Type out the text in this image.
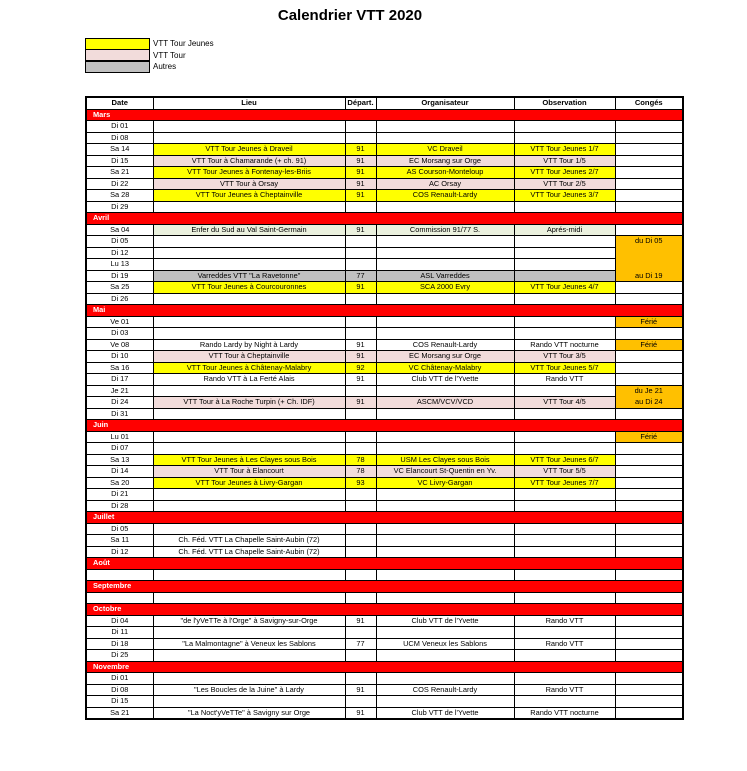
Calendrier VTT 2020
VTT Tour Jeunes
VTT Tour
Autres
Date	Lieu	Départ.	Organisateur	Observation	Congés
Mars					
Di 01					
Di 08					
Sa 14	VTT Tour Jeunes à Draveil	91	VC Draveil	VTT Tour Jeunes 1/7	
Di 15	VTT Tour à Chamarande (+ ch. 91)	91	EC Morsang sur Orge	VTT Tour 1/5	
Sa 21	VTT Tour Jeunes à Fontenay-les-Briis	91	AS Courson-Monteloup	VTT Tour Jeunes 2/7	
Di 22	VTT Tour à Orsay	91	AC Orsay	VTT Tour 2/5	
Sa 28	VTT Tour Jeunes à Cheptainville	91	COS Renault-Lardy	VTT Tour Jeunes 3/7	
Di 29					
Avril					
Sa 04	Enfer du Sud au Val Saint-Germain	91	Commission 91/77 S.	Aprés-midi	
Di 05					du Di 05
Di 12					
Lu 13					
Di 19	Varreddes VTT "La Ravetonne"	77	ASL Varreddes		au Di 19
Sa 25	VTT Tour Jeunes à Courcouronnes	91	SCA 2000 Evry	VTT Tour Jeunes 4/7	
Di 26					
Mai					
Ve 01					Férié
Di 03					
Ve 08	Rando Lardy by Night à Lardy	91	COS Renault-Lardy	Rando VTT nocturne	Férié
Di 10	VTT Tour à Cheptainville	91	EC Morsang sur Orge	VTT Tour 3/5	
Sa 16	VTT Tour Jeunes à Châtenay-Malabry	92	VC Châtenay-Malabry	VTT Tour Jeunes 5/7	
Di 17	Rando VTT à La Ferté Alais	91	Club VTT de l'Yvette	Rando VTT	
Je 21					du Je 21
Di 24	VTT Tour à La Roche Turpin (+ Ch. IDF)	91	ASCM/VCV/VCD	VTT Tour 4/5	au Di 24
Di 31					
Juin					
Lu 01					Férié
Di 07					
Sa 13	VTT Tour Jeunes à Les Clayes sous Bois	78	USM Les Clayes sous Bois	VTT Tour Jeunes 6/7	
Di 14	VTT Tour à Elancourt	78	VC Elancourt St-Quentin en Yv.	VTT Tour 5/5	
Sa 20	VTT Tour Jeunes à Livry-Gargan	93	VC Livry-Gargan	VTT Tour Jeunes 7/7	
Di 21					
Di 28					
Juillet					
Di 05					
Sa 11	Ch. Féd. VTT La Chapelle Saint-Aubin (72)				
Di 12	Ch. Féd. VTT La Chapelle Saint-Aubin (72)				
Août					

Septembre					

Octobre					
Di 04	"de l'yVeTTe à l'Orge" à Savigny-sur-Orge	91	Club VTT de l'Yvette	Rando VTT	
Di 11					
Di 18	"La Malmontagne" à Veneux les Sablons	77	UCM Veneux les Sablons	Rando VTT	
Di 25					
Novembre					
Di 01					
Di 08	"Les Boucles de la Juine" à Lardy	91	COS Renault-Lardy	Rando VTT	
Di 15					
Sa 21	"La Noct'yVeTTe" à Savigny sur Orge	91	Club VTT de l'Yvette	Rando VTT nocturne	
